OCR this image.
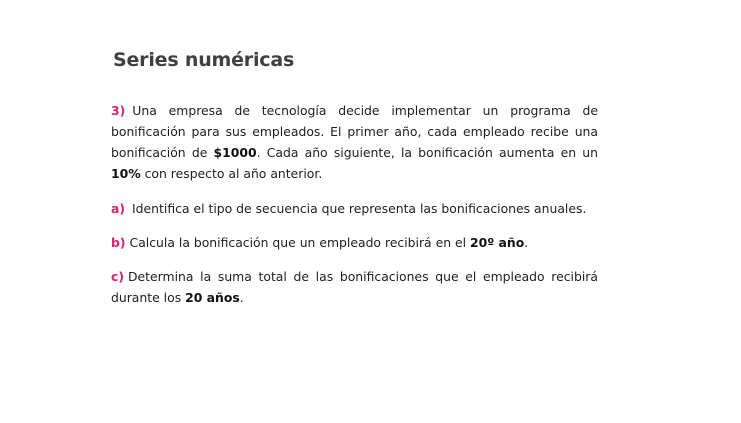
Series numéricas

3) Una empresa de tecnología decide implementar un programa de bonificación para sus empleados. El primer año, cada empleado recibe una bonificación de $1000. Cada año siguiente, la bonificación aumenta en un 10% con respecto al año anterior.

a) Identifica el tipo de secuencia que representa las bonificaciones anuales.

b) Calcula la bonificación que un empleado recibirá en el 20º año.

c) Determina la suma total de las bonificaciones que el empleado recibirá durante los 20 años.
